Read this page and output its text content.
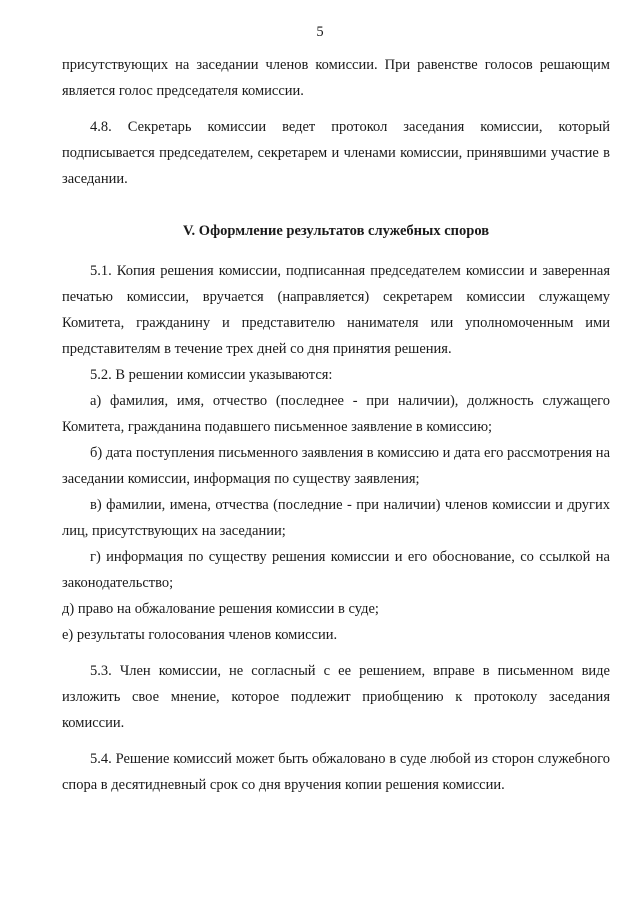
5

присутствующих на заседании членов комиссии. При равенстве голосов решающим является голос председателя комиссии.

4.8. Секретарь комиссии ведет протокол заседания комиссии, который подписывается председателем, секретарем и членами комиссии, принявшими участие в заседании.

V. Оформление результатов служебных споров

5.1. Копия решения комиссии, подписанная председателем комиссии и заверенная печатью комиссии, вручается (направляется) секретарем комиссии служащему Комитета, гражданину и представителю нанимателя или уполномоченным ими представителям в течение трех дней со дня принятия решения.

5.2. В решении комиссии указываются:

а) фамилия, имя, отчество (последнее - при наличии), должность служащего Комитета, гражданина подавшего письменное заявление в комиссию;

б) дата поступления письменного заявления в комиссию и дата его рассмотрения на заседании комиссии, информация по существу заявления;

в) фамилии, имена, отчества (последние - при наличии) членов комиссии и других лиц, присутствующих на заседании;

г) информация по существу решения комиссии и его обоснование, со ссылкой на законодательство;

д) право на обжалование решения комиссии в суде;

е) результаты голосования членов комиссии.

5.3. Член комиссии, не согласный с ее решением, вправе в письменном виде изложить свое мнение, которое подлежит приобщению к протоколу заседания комиссии.

5.4. Решение комиссий может быть обжаловано в суде любой из сторон служебного спора в десятидневный срок со дня вручения копии решения комиссии.
